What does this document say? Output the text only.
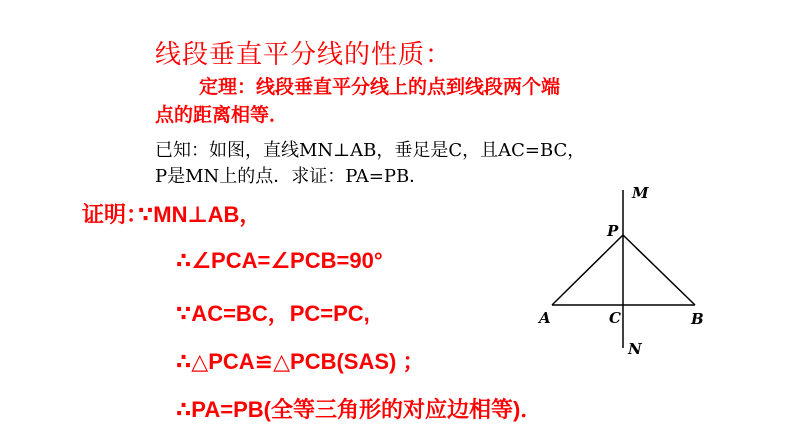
线段垂直平分线的性质：
定理：线段垂直平分线上的点到线段两个端
点的距离相等．
已知：如图，直线MN⊥AB，垂足是C，且AC=BC，
P是MN上的点．求证：PA=PB．
证明：
∵MN⊥AB，
∴∠PCA=∠PCB=90°
∵AC=BC，PC=PC,
∴△PCA≌△PCB(SAS) ；
∴PA=PB(全等三角形的对应边相等)．
M
P
A	C	B
N
